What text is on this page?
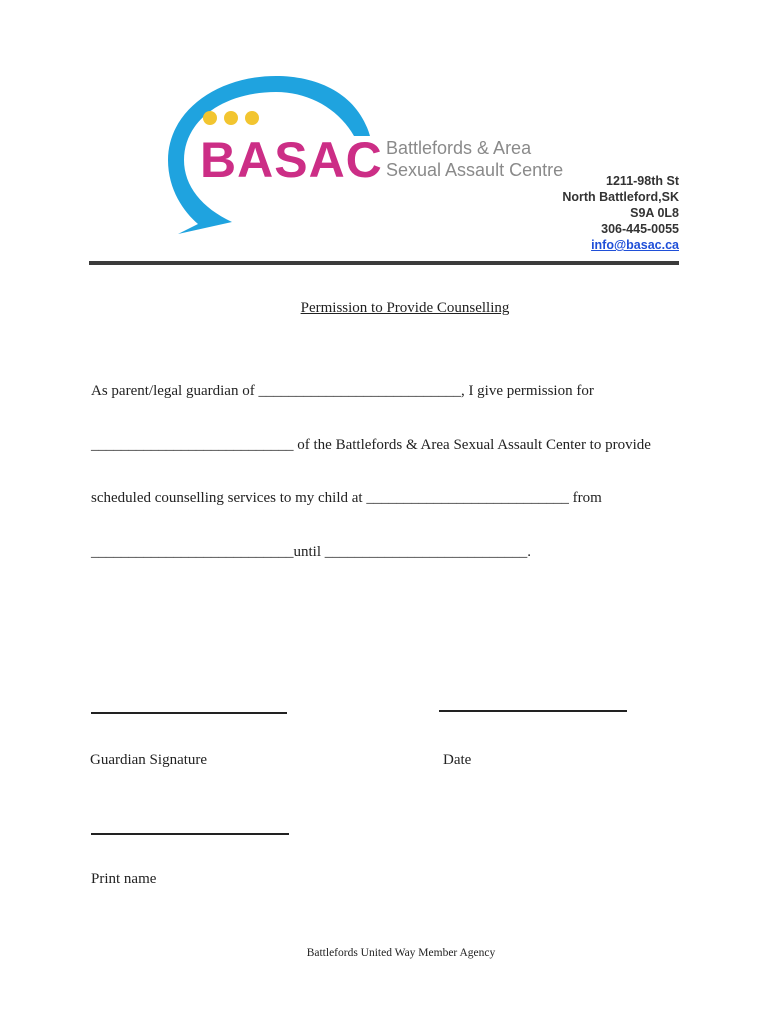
BASAC Battlefords & Area
Sexual Assault Centre
1211-98th St
North Battleford,SK
S9A 0L8
306-445-0055
info@basac.ca
Permission to Provide Counselling
As parent/legal guardian of ___________________________, I give permission for
___________________________ of the Battlefords & Area Sexual Assault Center to provide
scheduled counselling services to my child at ___________________________ from
___________________________until ___________________________.
Guardian Signature	Date
Print name
Battlefords United Way Member Agency
